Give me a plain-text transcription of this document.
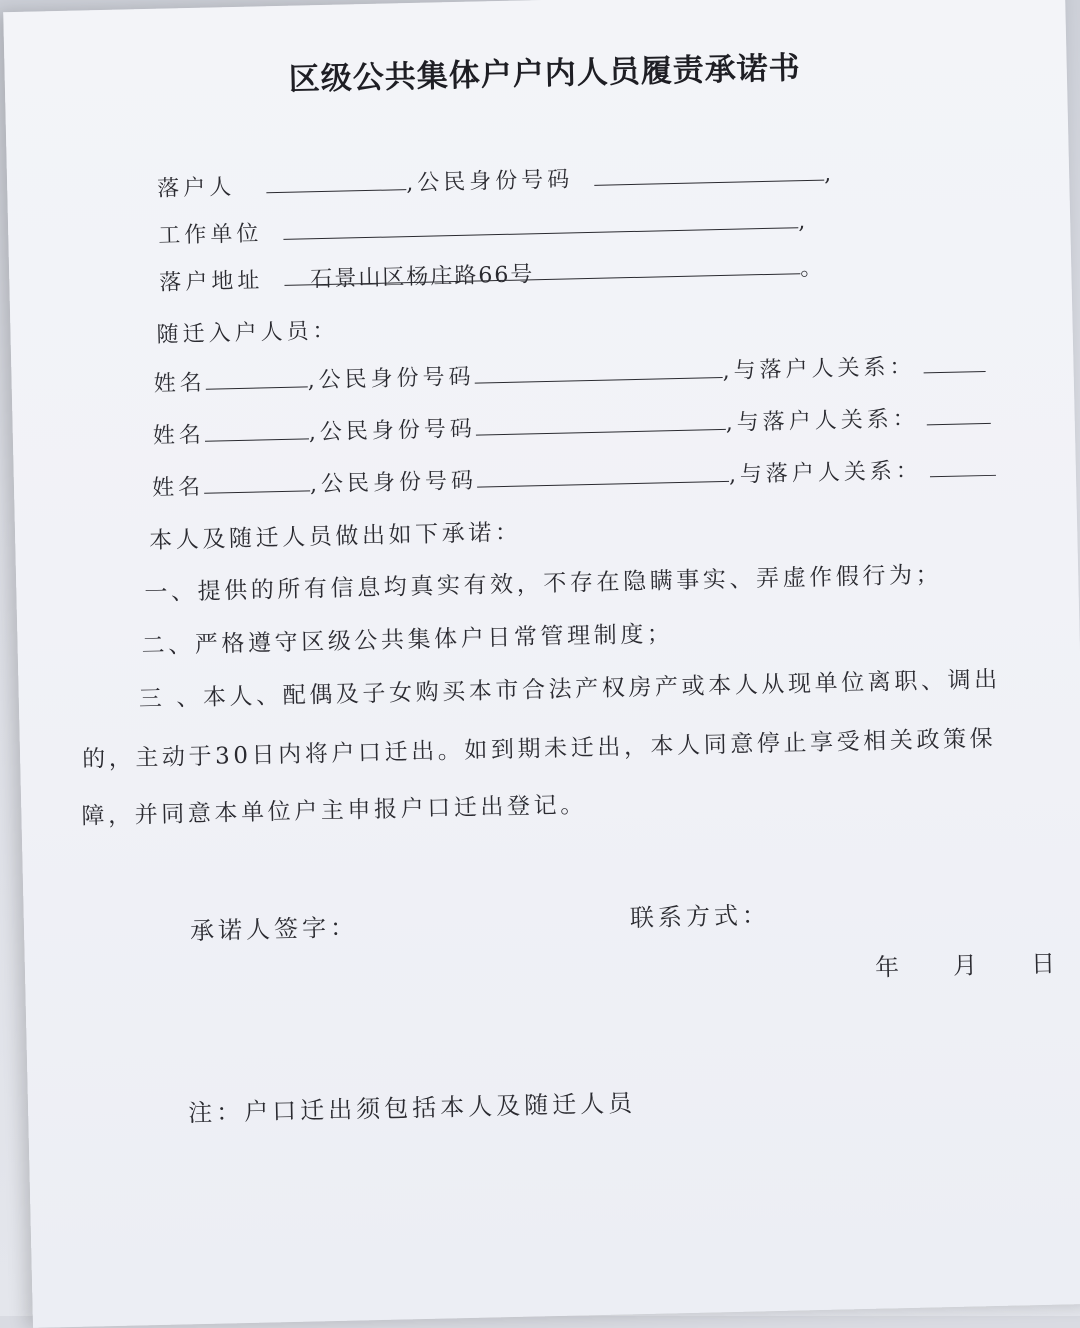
区级公共集体户户内人员履责承诺书
落户人	,公民身份号码	,
工作单位	,
落户地址 石景山区杨庄路66号	。
随迁入户人员：
姓名	,公民身份号码	,与落户人关系：
姓名	,公民身份号码	,与落户人关系：
姓名	,公民身份号码	,与落户人关系：
本人及随迁人员做出如下承诺：
一、提供的所有信息均真实有效，不存在隐瞒事实、弄虚作假行为；
二、严格遵守区级公共集体户日常管理制度；
三 、本人、配偶及子女购买本市合法产权房产或本人从现单位离职、调出
的，主动于30日内将户口迁出。如到期未迁出，本人同意停止享受相关政策保
障，并同意本单位户主申报户口迁出登记。
承诺人签字：	联系方式：
年 月 日
注：户口迁出须包括本人及随迁人员
